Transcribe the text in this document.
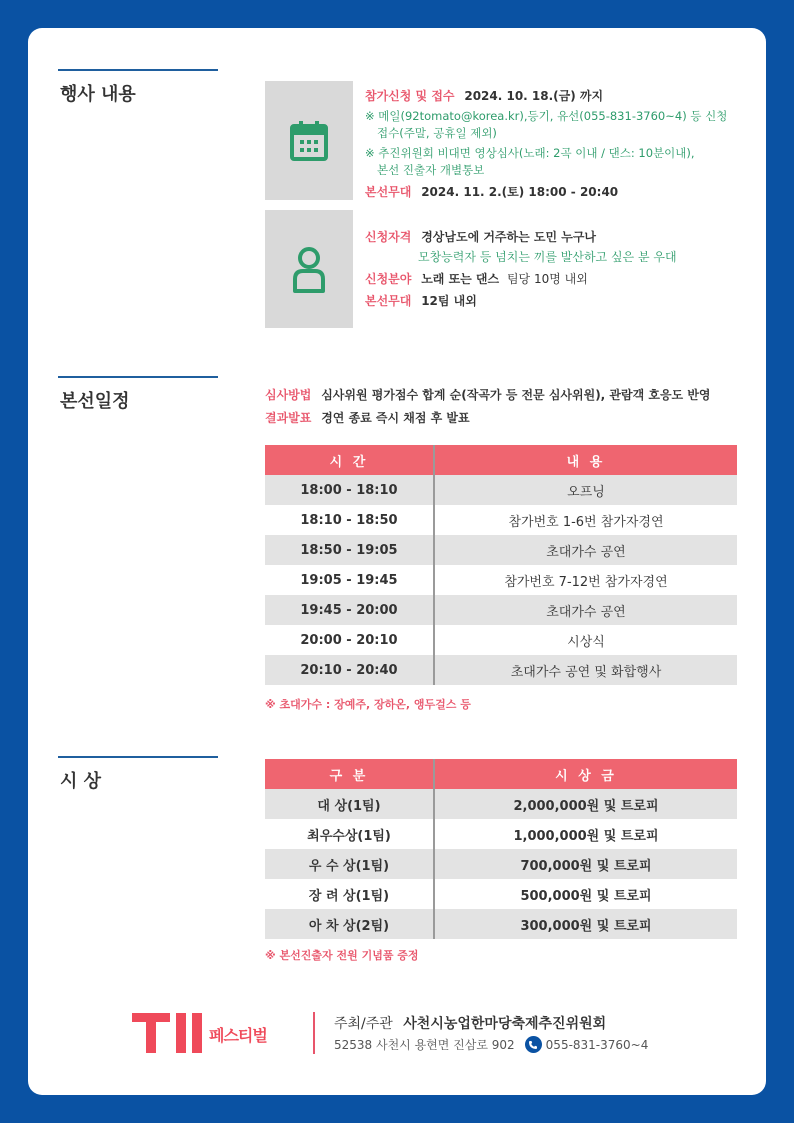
행사 내용	참가신청 및 접수 2024. 10. 18.(금) 까지
※ 메일(92tomato@korea.kr),등기, 유선(055-831-3760~4) 등 신청
접수(주말, 공휴일 제외)
※ 추진위원회 비대면 영상심사(노래: 2곡 이내 / 댄스: 10분이내),
본선 진출자 개별통보
본선무대 2024. 11. 2.(토) 18:00 - 20:40
신청자격 경상남도에 거주하는 도민 누구나
모창능력자 등 넘치는 끼를 발산하고 싶은 분 우대
신청분야 노래 또는 댄스 팀당 10명 내외
본선무대 12팀 내외
본선일정	심사방법 심사위원 평가점수 합계 순(작곡가 등 전문 심사위원), 관람객 호응도 반영
결과발표 경연 종료 즉시 채점 후 발표
시 간	내 용
18:00 - 18:10	오프닝
18:10 - 18:50	참가번호 1-6번 참가자경연
18:50 - 19:05	초대가수 공연
19:05 - 19:45	참가번호 7-12번 참가자경연
19:45 - 20:00	초대가수 공연
20:00 - 20:10	시상식
20:10 - 20:40	초대가수 공연 및 화합행사
※ 초대가수 : 장예주, 장하온, 앵두걸스 등
시 상	구 분	시 상 금
대 상(1팀)	2,000,000원 및 트로피
최우수상(1팀)	1,000,000원 및 트로피
우 수 상(1팀)	700,000원 및 트로피
장 려 상(1팀)	500,000원 및 트로피
아 차 상(2팀)	300,000원 및 트로피
※ 본선진출자 전원 기념품 증정
페스티벌
주최/주관 사천시농업한마당축제추진위원회
52538 사천시 용현면 진삼로 902	055-831-3760~4
